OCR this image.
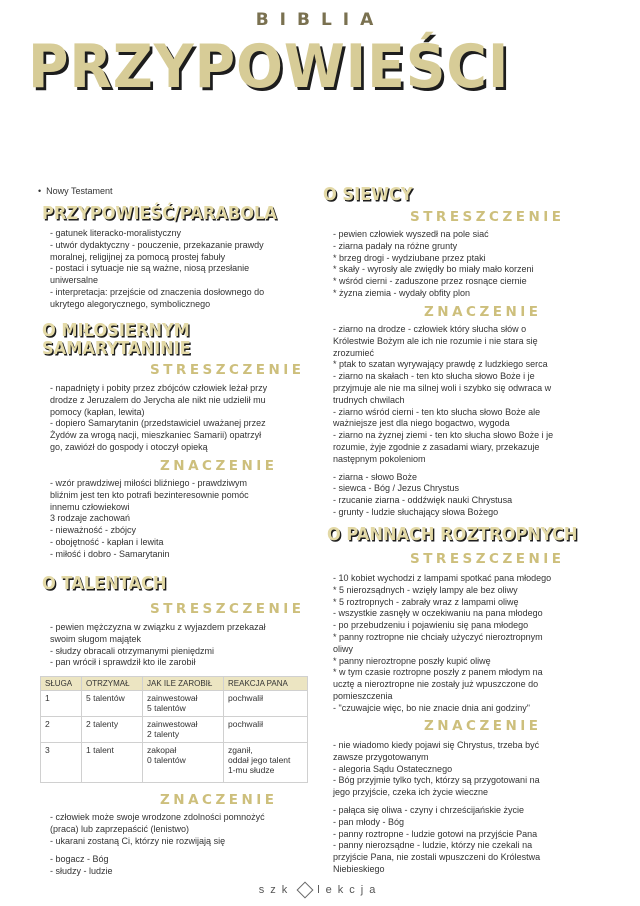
BIBLIA
PRZYPOWIEŚCI
•  Nowy Testament
PRZYPOWIEŚĆ/PARABOLA
- gatunek literacko-moralistyczny
- utwór dydaktyczny - pouczenie, przekazanie prawdy
moralnej, religijnej za pomocą prostej fabuły
- postaci i sytuacje nie są ważne, niosą przesłanie
uniwersalne
- interpretacja: przejście od znaczenia dosłownego do
ukrytego alegorycznego, symbolicznego
O MIŁOSIERNYM
SAMARYTANINIE
STRESZCZENIE
- napadnięty i pobity przez zbójców człowiek leżał przy
drodze z Jeruzalem do Jerycha ale nikt nie udzielił mu
pomocy (kapłan, lewita)
- dopiero Samarytanin (przedstawiciel uważanej przez
Żydów za wrogą nacji, mieszkaniec Samarii) opatrzył
go, zawiózł do gospody i otoczył opieką
ZNACZENIE
- wzór prawdziwej miłości bliźniego - prawdziwym
bliźnim jest ten kto potrafi bezinteresownie pomóc
innemu człowiekowi
3 rodzaje zachowań
- nieważność - zbójcy
- obojętność - kapłan i lewita
- miłość i dobro - Samarytanin
O TALENTACH
STRESZCZENIE
- pewien mężczyzna w związku z wyjazdem przekazał
swoim sługom majątek
- słudzy obracali otrzymanymi pieniędzmi
- pan wrócił i sprawdził kto ile zarobił
SŁUGA	OTRZYMAŁ	JAK ILE ZAROBIŁ	REAKCJA PANA
1	5 talentów	zainwestował
5 talentów	pochwalił
2	2 talenty	zainwestował
2 talenty	pochwalił
3	1 talent	zakopał
0 talentów	zganił,
oddał jego talent
1-mu słudze
ZNACZENIE
- człowiek może swoje wrodzone zdolności pomnożyć
(praca) lub zaprzepaścić (lenistwo)
- ukarani zostaną Ci, którzy nie rozwijają się
- bogacz - Bóg
- słudzy - ludzie
O SIEWCY
STRESZCZENIE
- pewien człowiek wyszedł na pole siać
- ziarna padały na różne grunty
* brzeg drogi - wydziubane przez ptaki
* skały - wyrosły ale zwiędły bo miały mało korzeni
* wśród cierni - zaduszone przez rosnące ciernie
* żyzna ziemia - wydały obfity plon
ZNACZENIE
- ziarno na drodze - człowiek który słucha słów o
Królestwie Bożym ale ich nie rozumie i nie stara się
zrozumieć
* ptak to szatan wyrywający prawdę z ludzkiego serca
- ziarno na skałach - ten kto słucha słowo Boże i je
przyjmuje ale nie ma silnej woli i szybko się odwraca w
trudnych chwilach
- ziarno wśród cierni - ten kto słucha słowo Boże ale
ważniejsze jest dla niego bogactwo, wygoda
- ziarno na żyznej ziemi - ten kto słucha słowo Boże i je
rozumie, żyje zgodnie z zasadami wiary, przekazuje
następnym pokoleniom
- ziarna - słowo Boże
- siewca - Bóg / Jezus Chrystus
- rzucanie ziarna - oddźwięk nauki Chrystusa
- grunty - ludzie słuchający słowa Bożego
O PANNACH ROZTROPNYCH
STRESZCZENIE
- 10 kobiet wychodzi z lampami spotkać pana młodego
* 5 nierozsądnych - wzięły lampy ale bez oliwy
* 5 roztropnych - zabrały wraz z lampami oliwę
- wszystkie zasnęły w oczekiwaniu na pana młodego
- po przebudzeniu i pojawieniu się pana młodego
* panny roztropne nie chciały użyczyć nieroztropnym
oliwy
* panny nieroztropne poszły kupić oliwę
* w tym czasie roztropne poszły z panem młodym na
ucztę a nieroztropne nie zostały już wpuszczone do
pomieszczenia
- "czuwajcie więc, bo nie znacie dnia ani godziny"
ZNACZENIE
- nie wiadomo kiedy pojawi się Chrystus, trzeba być
zawsze przygotowanym
- alegoria Sądu Ostatecznego
- Bóg przyjmie tylko tych, którzy są przygotowani na
jego przyjście, czeka ich życie wieczne
- pałąca się oliwa - czyny i chrześcijańskie życie
- pan młody - Bóg
- panny roztropne - ludzie gotowi na przyjście Pana
- panny nierozsądne - ludzie, którzy nie czekali na
przyjście Pana, nie zostali wpuszczeni do Królestwa
Niebieskiego
szk lekcja
